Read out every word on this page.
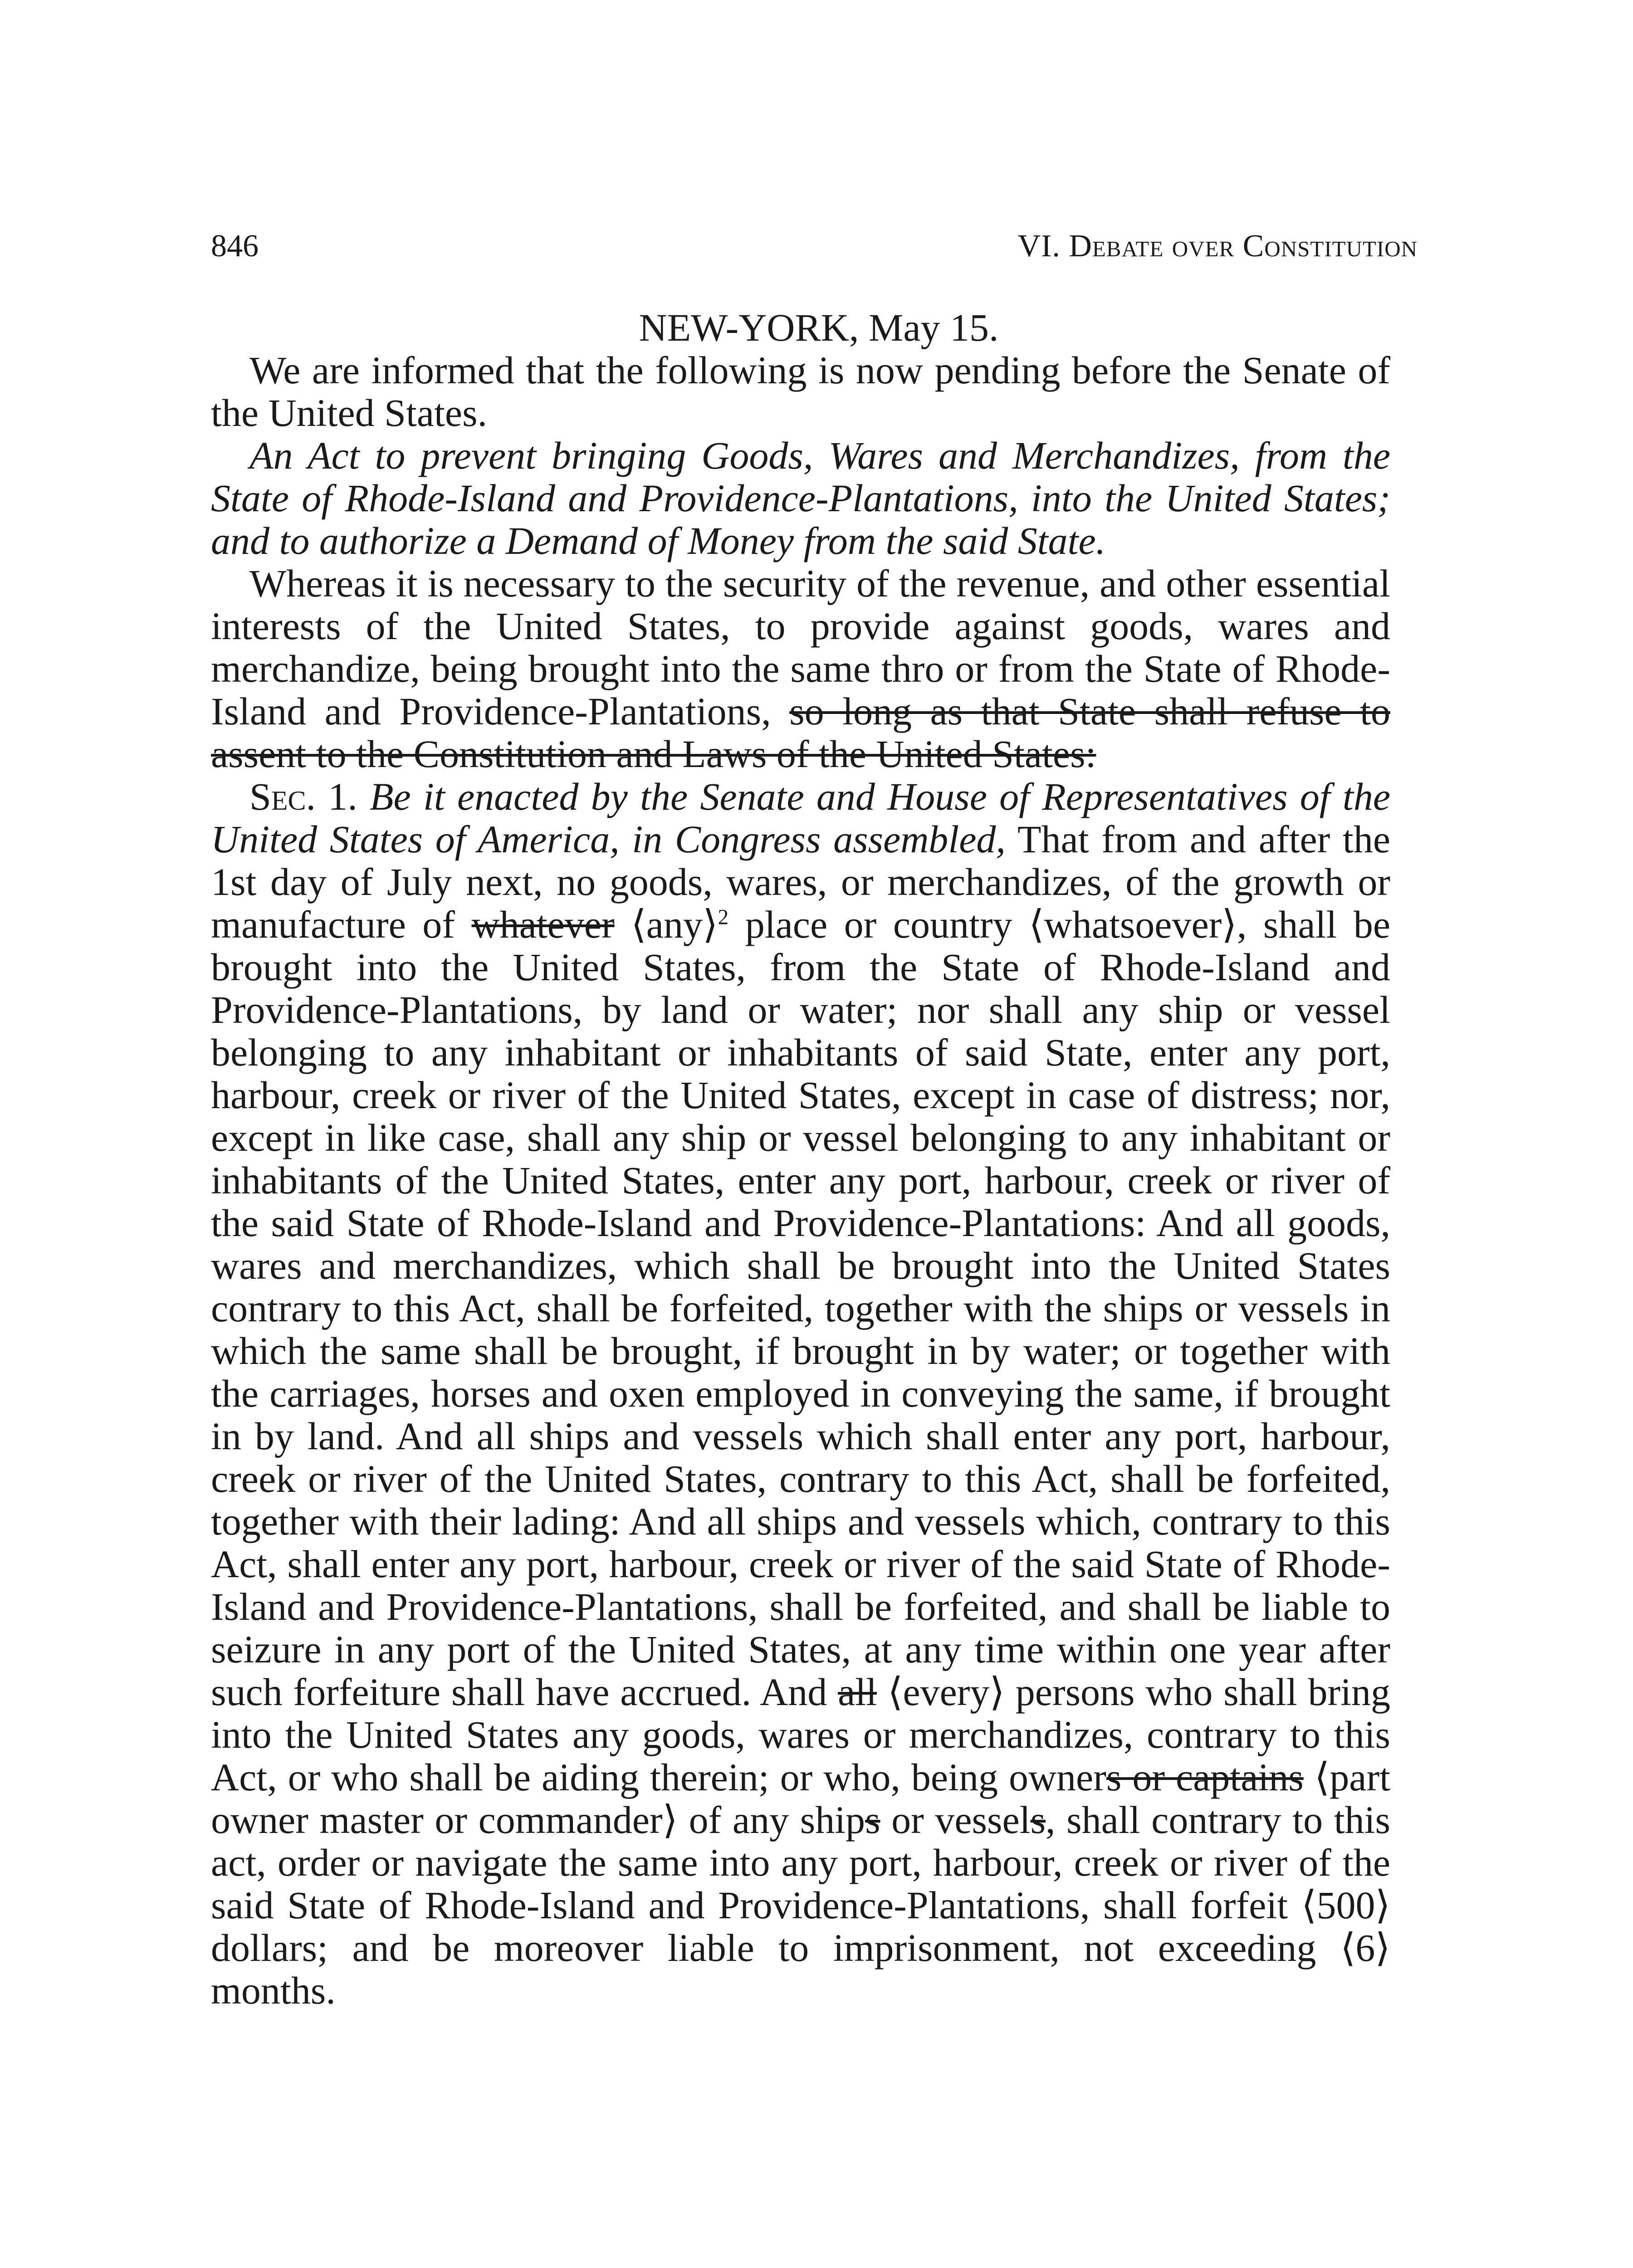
846	VI. Debate over Constitution

NEW-YORK, May 15.

We are informed that the following is now pending before the Senate of the United States.

An Act to prevent bringing Goods, Wares and Merchandizes, from the State of Rhode-Island and Providence-Plantations, into the United States; and to authorize a Demand of Money from the said State.

Whereas it is necessary to the security of the revenue, and other essential interests of the United States, to provide against goods, wares and merchandize, being brought into the same thro or from the State of Rhode-Island and Providence-Plantations, so long as that State shall refuse to assent to the Constitution and Laws of the United States:

Sec. 1. Be it enacted by the Senate and House of Representatives of the United States of America, in Congress assembled, That from and after the 1st day of July next, no goods, wares, or merchandizes, of the growth or manufacture of whatever ⟨any⟩$^2$ place or country ⟨whatsoever⟩, shall be brought into the United States, from the State of Rhode-Island and Providence-Plantations, by land or water; nor shall any ship or vessel belonging to any inhabitant or inhabitants of said State, enter any port, harbour, creek or river of the United States, except in case of distress; nor, except in like case, shall any ship or vessel belonging to any inhabitant or inhabitants of the United States, enter any port, harbour, creek or river of the said State of Rhode-Island and Providence-Plantations: And all goods, wares and merchandizes, which shall be brought into the United States contrary to this Act, shall be forfeited, together with the ships or vessels in which the same shall be brought, if brought in by water; or together with the carriages, horses and oxen employed in conveying the same, if brought in by land. And all ships and vessels which shall enter any port, harbour, creek or river of the United States, contrary to this Act, shall be forfeited, together with their lading: And all ships and vessels which, contrary to this Act, shall enter any port, harbour, creek or river of the said State of Rhode-Island and Providence-Plantations, shall be forfeited, and shall be liable to seizure in any port of the United States, at any time within one year after such forfeiture shall have accrued. And all ⟨every⟩ persons who shall bring into the United States any goods, wares or merchandizes, contrary to this Act, or who shall be aiding therein; or who, being owners or captains ⟨part owner master or commander⟩ of any ships or vessels, shall contrary to this act, order or navigate the same into any port, harbour, creek or river of the said State of Rhode-Island and Providence-Plantations, shall forfeit ⟨500⟩ dollars; and be moreover liable to imprisonment, not exceeding ⟨6⟩ months.
